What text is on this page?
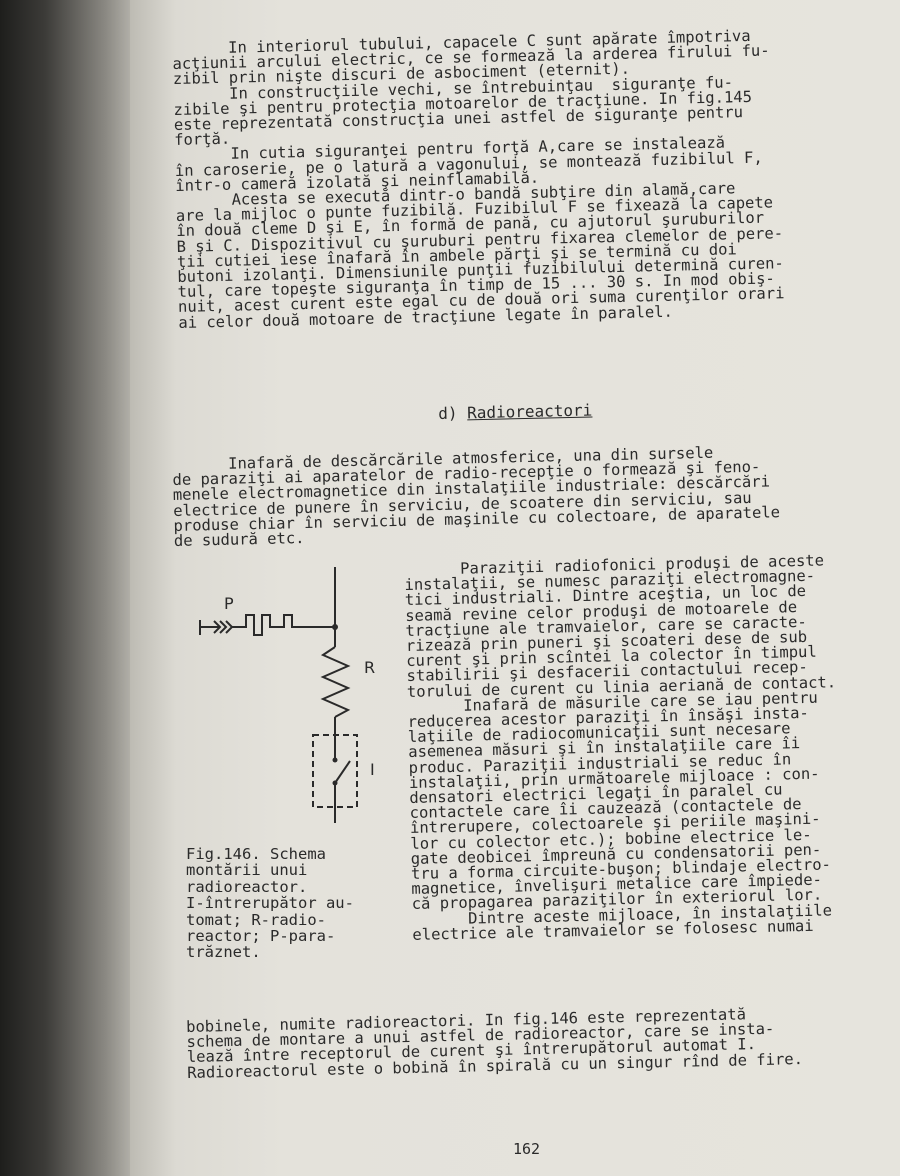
In interiorul tubului, capacele C sunt apărate împotriva
acţiunii arcului electric, ce se formează la arderea firului fu-
zibil prin nişte discuri de asbociment (eternit).
In construcţiile vechi, se întrebuinţau  siguranţe fu-
zibile şi pentru protecţia motoarelor de tracţiune. In fig.145
este reprezentată construcţia unei astfel de siguranţe pentru
forţă.
In cutia siguranţei pentru forţă A,care se instalează
în caroserie, pe o latură a vagonului, se montează fuzibilul F,
într-o cameră izolată şi neinflamabilă.
Acesta se execută dintr-o bandă subţire din alamă,care
are la mijloc o punte fuzibilă. Fuzibilul F se fixează la capete
în două cleme D şi E, în formă de pană, cu ajutorul şuruburilor
B şi C. Dispozitivul cu şuruburi pentru fixarea clemelor de pere-
ţii cutiei iese înafară în ambele părţi şi se termină cu doi
butoni izolanţi. Dimensiunile punţii fuzibilului determină curen-
tul, care topeşte siguranţa în timp de 15 ... 30 s. In mod obiş-
nuit, acest curent este egal cu de două ori suma curenţilor orari
ai celor două motoare de tracţiune legate în paralel.
d) Radioreactori
Inafară de descărcările atmosferice, una din sursele
de paraziţi ai aparatelor de radio-recepţie o formează şi feno-
menele electromagnetice din instalaţiile industriale: descărcări
electrice de punere în serviciu, de scoatere din serviciu, sau
produse chiar în serviciu de maşinile cu colectoare, de aparatele
de sudură etc.
P
R
I
Fig.146. Schema
montării unui
radioreactor.
I-întrerupător au-
tomat; R-radio-
reactor; P-para-
trăznet.
Paraziţii radiofonici produşi de aceste
instalaţii, se numesc paraziţi electromagne-
tici industriali. Dintre aceştia, un loc de
seamă revine celor produşi de motoarele de
tracţiune ale tramvaielor, care se caracte-
rizează prin puneri şi scoateri dese de sub
curent şi prin scîntei la colector în timpul
stabilirii şi desfacerii contactului recep-
torului de curent cu linia aeriană de contact.
Inafară de măsurile care se iau pentru
reducerea acestor paraziţi în însăşi insta-
laţiile de radiocomunicaţii sunt necesare
asemenea măsuri şi în instalaţiile care îi
produc. Paraziţii industriali se reduc în
instalaţii, prin următoarele mijloace : con-
densatori electrici legaţi în paralel cu
contactele care îi cauzează (contactele de
întrerupere, colectoarele şi periile maşini-
lor cu colector etc.); bobine electrice le-
gate deobicei împreună cu condensatorii pen-
tru a forma circuite-buşon; blindaje electro-
magnetice, învelişuri metalice care împiede-
că propagarea paraziţilor în exteriorul lor.
Dintre aceste mijloace, în instalaţiile
electrice ale tramvaielor se folosesc numai
bobinele, numite radioreactori. In fig.146 este reprezentată
schema de montare a unui astfel de radioreactor, care se insta-
lează între receptorul de curent şi întrerupătorul automat I.
Radioreactorul este o bobină în spirală cu un singur rînd de fire.
162
